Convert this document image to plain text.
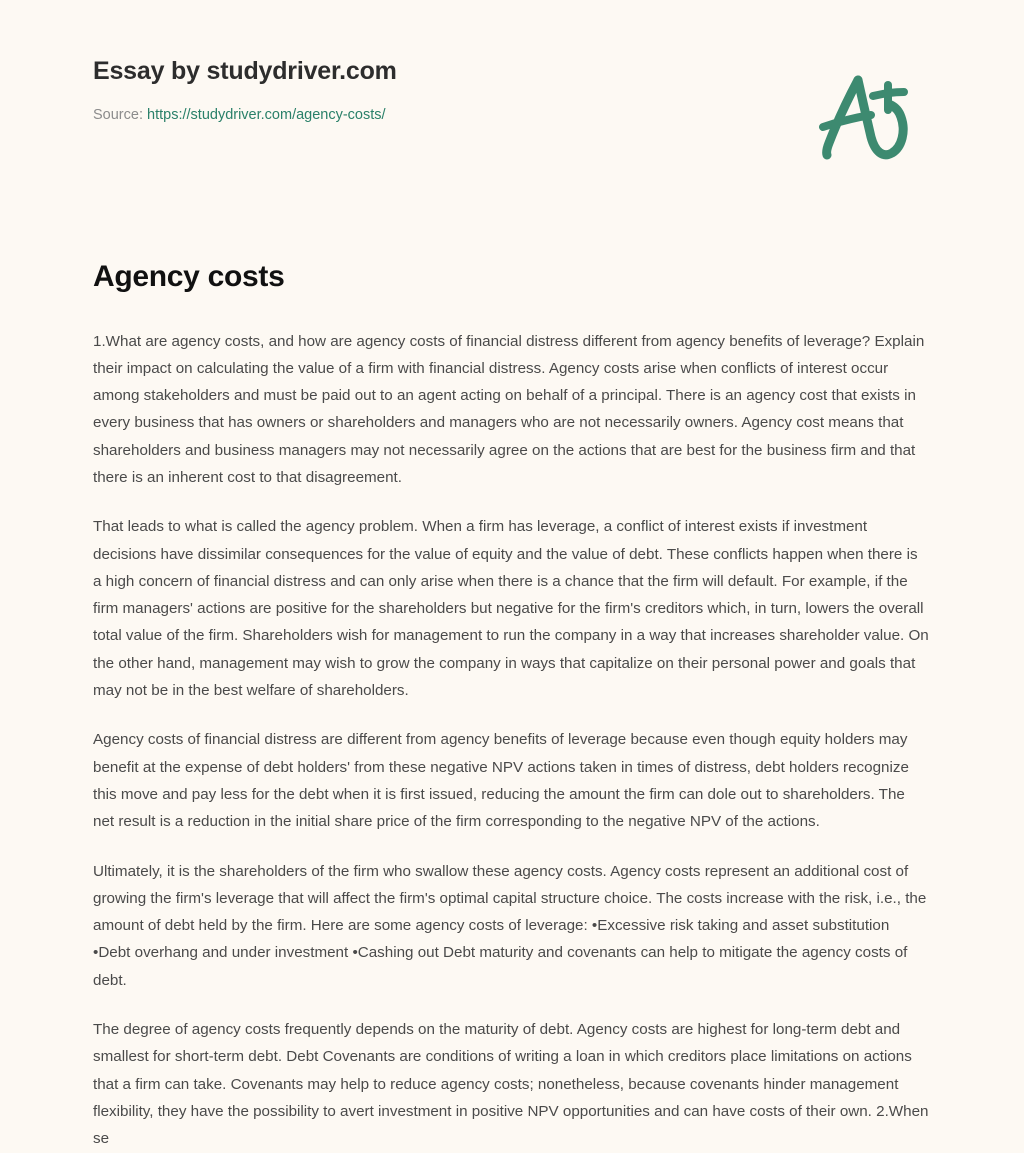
Essay by studydriver.com
Source: https://studydriver.com/agency-costs/
Agency costs

1.What are agency costs, and how are agency costs of financial distress different from agency benefits of leverage? Explain their impact on calculating the value of a firm with financial distress. Agency costs arise when conflicts of interest occur among stakeholders and must be paid out to an agent acting on behalf of a principal. There is an agency cost that exists in every business that has owners or shareholders and managers who are not necessarily owners. Agency cost means that shareholders and business managers may not necessarily agree on the actions that are best for the business firm and that there is an inherent cost to that disagreement.

That leads to what is called the agency problem. When a firm has leverage, a conflict of interest exists if investment decisions have dissimilar consequences for the value of equity and the value of debt. These conflicts happen when there is a high concern of financial distress and can only arise when there is a chance that the firm will default. For example, if the firm managers' actions are positive for the shareholders but negative for the firm's creditors which, in turn, lowers the overall total value of the firm. Shareholders wish for management to run the company in a way that increases shareholder value. On the other hand, management may wish to grow the company in ways that capitalize on their personal power and goals that may not be in the best welfare of shareholders.

Agency costs of financial distress are different from agency benefits of leverage because even though equity holders may benefit at the expense of debt holders' from these negative NPV actions taken in times of distress, debt holders recognize this move and pay less for the debt when it is first issued, reducing the amount the firm can dole out to shareholders. The net result is a reduction in the initial share price of the firm corresponding to the negative NPV of the actions.

Ultimately, it is the shareholders of the firm who swallow these agency costs. Agency costs represent an additional cost of growing the firm's leverage that will affect the firm's optimal capital structure choice. The costs increase with the risk, i.e., the amount of debt held by the firm. Here are some agency costs of leverage: •Excessive risk taking and asset substitution •Debt overhang and under investment •Cashing out Debt maturity and covenants can help to mitigate the agency costs of debt.

The degree of agency costs frequently depends on the maturity of debt. Agency costs are highest for long-term debt and smallest for short-term debt. Debt Covenants are conditions of writing a loan in which creditors place limitations on actions that a firm can take. Covenants may help to reduce agency costs; nonetheless, because covenants hinder management flexibility, they have the possibility to avert investment in positive NPV opportunities and can have costs of their own. 2.When se
